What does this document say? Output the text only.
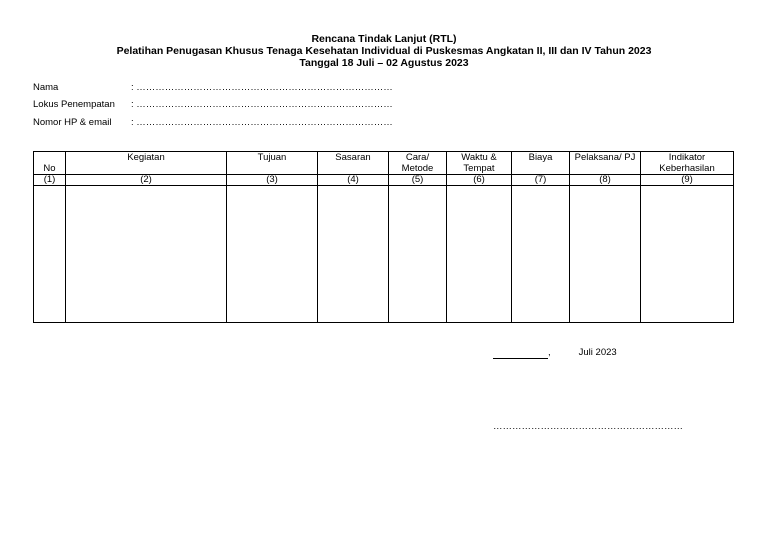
Rencana Tindak Lanjut (RTL)
Pelatihan Penugasan Khusus Tenaga Kesehatan Individual di Puskesmas Angkatan II, III dan IV Tahun 2023
Tanggal 18 Juli – 02 Agustus 2023
Nama	: ………………………………………………………………………
Lokus Penempatan : ………………………………………………………………………
Nomor HP & email : ………………………………………………………………………
No	Kegiatan	Tujuan	Sasaran	Cara/ Metode	Waktu & Tempat	Biaya	Pelaksana/ PJ	Indikator Keberhasilan
(1)	(2)	(3)	(4)	(5)	(6)	(7)	(8)	(9)

,	Juli 2023
……………………………………………………
